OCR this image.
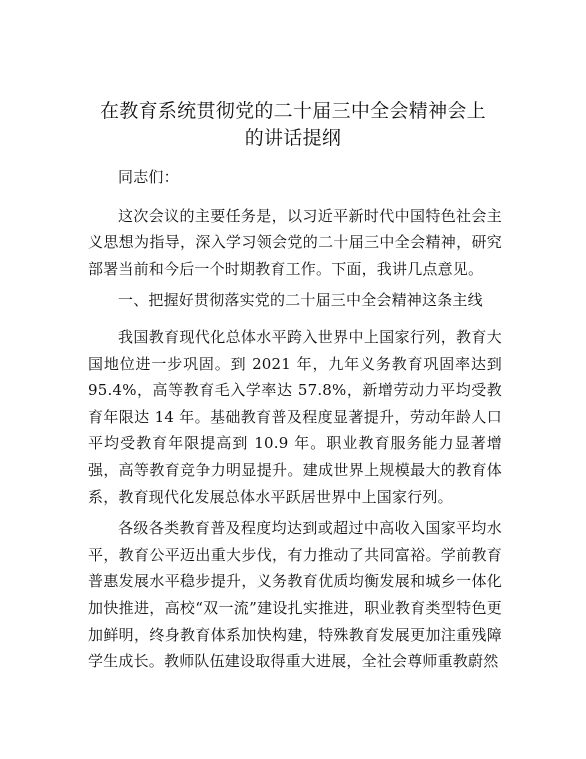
在教育系统贯彻党的二十届三中全会精神会上
的讲话提纲

同志们：

这次会议的主要任务是，以习近平新时代中国特色社会主义思想为指导，深入学习领会党的二十届三中全会精神，研究部署当前和今后一个时期教育工作。下面，我讲几点意见。

一、把握好贯彻落实党的二十届三中全会精神这条主线

我国教育现代化总体水平跨入世界中上国家行列，教育大国地位进一步巩固。到 2021 年，九年义务教育巩固率达到 95.4%，高等教育毛入学率达 57.8%，新增劳动力平均受教育年限达 14 年。基础教育普及程度显著提升，劳动年龄人口平均受教育年限提高到 10.9 年。职业教育服务能力显著增强，高等教育竞争力明显提升。建成世界上规模最大的教育体系，教育现代化发展总体水平跃居世界中上国家行列。

各级各类教育普及程度均达到或超过中高收入国家平均水平，教育公平迈出重大步伐，有力推动了共同富裕。学前教育普惠发展水平稳步提升，义务教育优质均衡发展和城乡一体化加快推进，高校“双一流”建设扎实推进，职业教育类型特色更加鲜明，终身教育体系加快构建，特殊教育发展更加注重残障学生成长。教师队伍建设取得重大进展，全社会尊师重教蔚然
